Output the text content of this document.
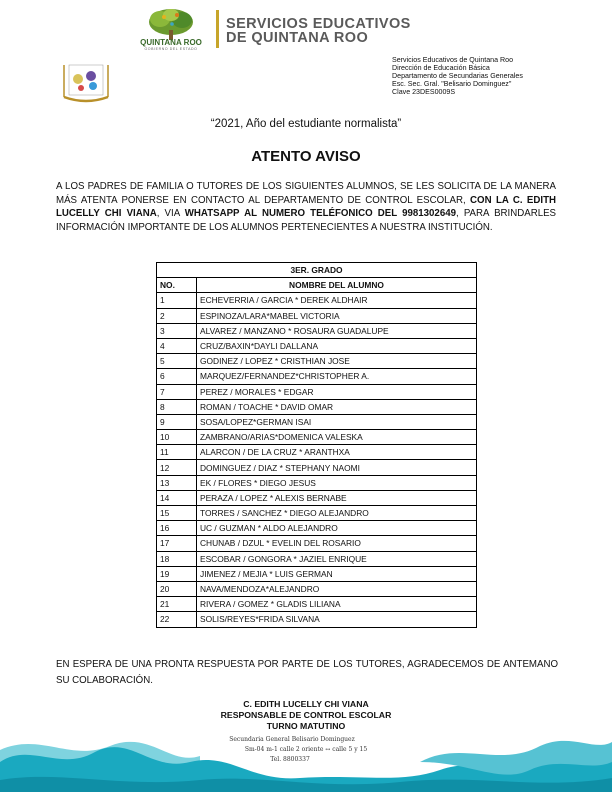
QUINTANA ROO
GOBIERNO DEL ESTADO
SERVICIOS EDUCATIVOS
DE QUINTANA ROO
Servicios Educativos de Quintana Roo
Dirección de Educación Básica
Departamento de Secundarias Generales
Esc. Sec. Gral. "Belisario Dominguez"
Clave 23DES0009S
“2021, Año del estudiante normalista”
ATENTO AVISO
A LOS PADRES DE FAMILIA O TUTORES DE LOS SIGUIENTES ALUMNOS, SE LES SOLICITA DE LA MANERA MÁS ATENTA PONERSE EN CONTACTO AL DEPARTAMENTO DE CONTROL ESCOLAR, CON LA C. EDITH LUCELLY CHI VIANA, VIA WHATSAPP AL NUMERO TELÉFONICO DEL 9981302649, PARA BRINDARLES INFORMACIÓN IMPORTANTE DE LOS ALUMNOS PERTENECIENTES A NUESTRA INSTITUCIÓN.
3ER. GRADO	
NO.	NOMBRE DEL ALUMNO
1	ECHEVERRIA / GARCIA * DEREK ALDHAIR
2	ESPINOZA/LARA*MABEL VICTORIA
3	ALVAREZ / MANZANO * ROSAURA GUADALUPE
4	CRUZ/BAXIN*DAYLI DALLANA
5	GODINEZ / LOPEZ * CRISTHIAN JOSE
6	MARQUEZ/FERNANDEZ*CHRISTOPHER A.
7	PEREZ / MORALES * EDGAR
8	ROMAN / TOACHE * DAVID OMAR
9	SOSA/LOPEZ*GERMAN ISAI
10	ZAMBRANO/ARIAS*DOMENICA VALESKA
11	ALARCON / DE LA CRUZ * ARANTHXA
12	DOMINGUEZ / DIAZ * STEPHANY NAOMI
13	EK / FLORES * DIEGO JESUS
14	PERAZA / LOPEZ * ALEXIS BERNABE
15	TORRES / SANCHEZ * DIEGO ALEJANDRO
16	UC / GUZMAN * ALDO ALEJANDRO
17	CHUNAB / DZUL * EVELIN DEL ROSARIO
18	ESCOBAR / GONGORA * JAZIEL ENRIQUE
19	JIMENEZ / MEJIA * LUIS GERMAN
20	NAVA/MENDOZA*ALEJANDRO
21	RIVERA / GOMEZ * GLADIS LILIANA
22	SOLIS/REYES*FRIDA SILVANA
EN ESPERA DE UNA PRONTA RESPUESTA POR PARTE DE LOS TUTORES, AGRADECEMOS DE ANTEMANO SU COLABORACIÓN.
C. EDITH LUCELLY CHI VIANA
RESPONSABLE DE CONTROL ESCOLAR
TURNO MATUTINO
Secundaria General Belisario Dominguez
Sm-04 m-1 calle 2 oriente ↔ calle 5 y 15
Tel. 8800337
